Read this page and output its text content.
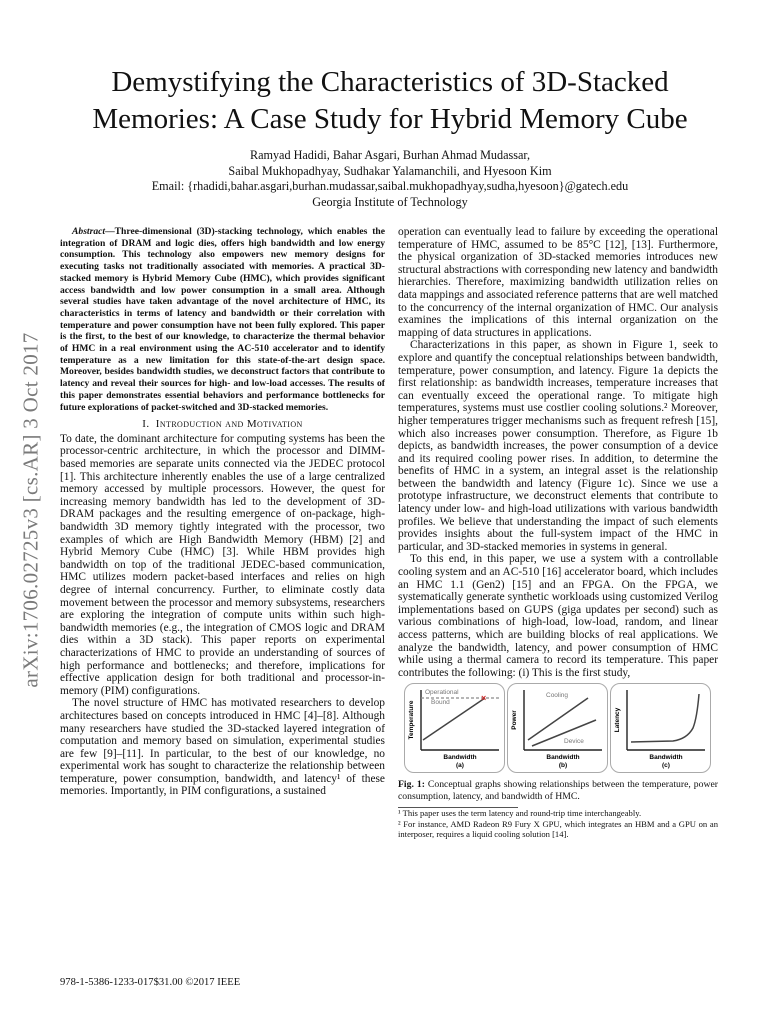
arXiv:1706.02725v3 [cs.AR] 3 Oct 2017
Demystifying the Characteristics of 3D-Stacked
Memories: A Case Study for Hybrid Memory Cube
Ramyad Hadidi, Bahar Asgari, Burhan Ahmad Mudassar,
Saibal Mukhopadhyay, Sudhakar Yalamanchili, and Hyesoon Kim
Email: {rhadidi,bahar.asgari,burhan.mudassar,saibal.mukhopadhyay,sudha,hyesoon}@gatech.edu
Georgia Institute of Technology

Abstract—Three-dimensional (3D)-stacking technology, which enables the integration of DRAM and logic dies, offers high bandwidth and low energy consumption. This technology also empowers new memory designs for executing tasks not traditionally associated with memories. A practical 3D-stacked memory is Hybrid Memory Cube (HMC), which provides significant access bandwidth and low power consumption in a small area. Although several studies have taken advantage of the novel architecture of HMC, its characteristics in terms of latency and bandwidth or their correlation with temperature and power consumption have not been fully explored. This paper is the first, to the best of our knowledge, to characterize the thermal behavior of HMC in a real environment using the AC-510 accelerator and to identify temperature as a new limitation for this state-of-the-art design space. Moreover, besides bandwidth studies, we deconstruct factors that contribute to latency and reveal their sources for high- and low-load accesses. The results of this paper demonstrates essential behaviors and performance bottlenecks for future explorations of packet-switched and 3D-stacked memories.

I. Introduction and Motivation

To date, the dominant architecture for computing systems has been the processor-centric architecture, in which the processor and DIMM-based memories are separate units connected via the JEDEC protocol [1]. This architecture inherently enables the use of a large centralized memory accessed by multiple processors. However, the quest for increasing memory bandwidth has led to the development of 3D-DRAM packages and the resulting emergence of on-package, high-bandwidth 3D memory tightly integrated with the processor, two examples of which are High Bandwidth Memory (HBM) [2] and Hybrid Memory Cube (HMC) [3]. While HBM provides high bandwidth on top of the traditional JEDEC-based communication, HMC utilizes modern packet-based interfaces and relies on high degree of internal concurrency. Further, to eliminate costly data movement between the processor and memory subsystems, researchers are exploring the integration of compute units within such high-bandwidth memories (e.g., the integration of CMOS logic and DRAM dies within a 3D stack). This paper reports on experimental characterizations of HMC to provide an understanding of sources of high performance and bottlenecks; and therefore, implications for effective application design for both traditional and processor-in-memory (PIM) configurations.

The novel structure of HMC has motivated researchers to develop architectures based on concepts introduced in HMC [4]–[8]. Although many researchers have studied the 3D-stacked layered integration of computation and memory based on simulation, experimental studies are few [9]–[11]. In particular, to the best of our knowledge, no experimental work has sought to characterize the relationship between temperature, power consumption, bandwidth, and latency¹ of these memories. Importantly, in PIM configurations, a sustained

operation can eventually lead to failure by exceeding the operational temperature of HMC, assumed to be 85°C [12], [13]. Furthermore, the physical organization of 3D-stacked memories introduces new structural abstractions with corresponding new latency and bandwidth hierarchies. Therefore, maximizing bandwidth utilization relies on data mappings and associated reference patterns that are well matched to the concurrency of the internal organization of HMC. Our analysis examines the implications of this internal organization on the mapping of data structures in applications.

Characterizations in this paper, as shown in Figure 1, seek to explore and quantify the conceptual relationships between bandwidth, temperature, power consumption, and latency. Figure 1a depicts the first relationship: as bandwidth increases, temperature increases that can eventually exceed the operational range. To mitigate high temperatures, systems must use costlier cooling solutions.² Moreover, higher temperatures trigger mechanisms such as frequent refresh [15], which also increases power consumption. Therefore, as Figure 1b depicts, as bandwidth increases, the power consumption of a device and its required cooling power rises. In addition, to determine the benefits of HMC in a system, an integral asset is the relationship between the bandwidth and latency (Figure 1c). Since we use a prototype infrastructure, we deconstruct elements that contribute to latency under low- and high-load utilizations with various bandwidth profiles. We believe that understanding the impact of such elements provides insights about the full-system impact of the HMC in particular, and 3D-stacked memories in systems in general.

To this end, in this paper, we use a system with a controllable cooling system and an AC-510 [16] accelerator board, which includes an HMC 1.1 (Gen2) [15] and an FPGA. On the FPGA, we systematically generate synthetic workloads using customized Verilog implementations based on GUPS (giga updates per second) such as various combinations of high-load, low-load, random, and linear access patterns, which are building blocks of real applications. We analyze the bandwidth, latency, and power consumption of HMC while using a thermal camera to record its temperature. This paper contributes the following: (i) This is the first study,

×
Operational
Bound
Temperature
Bandwidth
(a)
Cooling
Device
Power
Bandwidth
(b)
Latency
Bandwidth
(c)

Fig. 1: Conceptual graphs showing relationships between the temperature, power consumption, latency, and bandwidth of HMC.

¹ This paper uses the term latency and round-trip time interchangeably.

² For instance, AMD Radeon R9 Fury X GPU, which integrates an HBM and a GPU on an interposer, requires a liquid cooling solution [14].

978-1-5386-1233-017$31.00 ©2017 IEEE
